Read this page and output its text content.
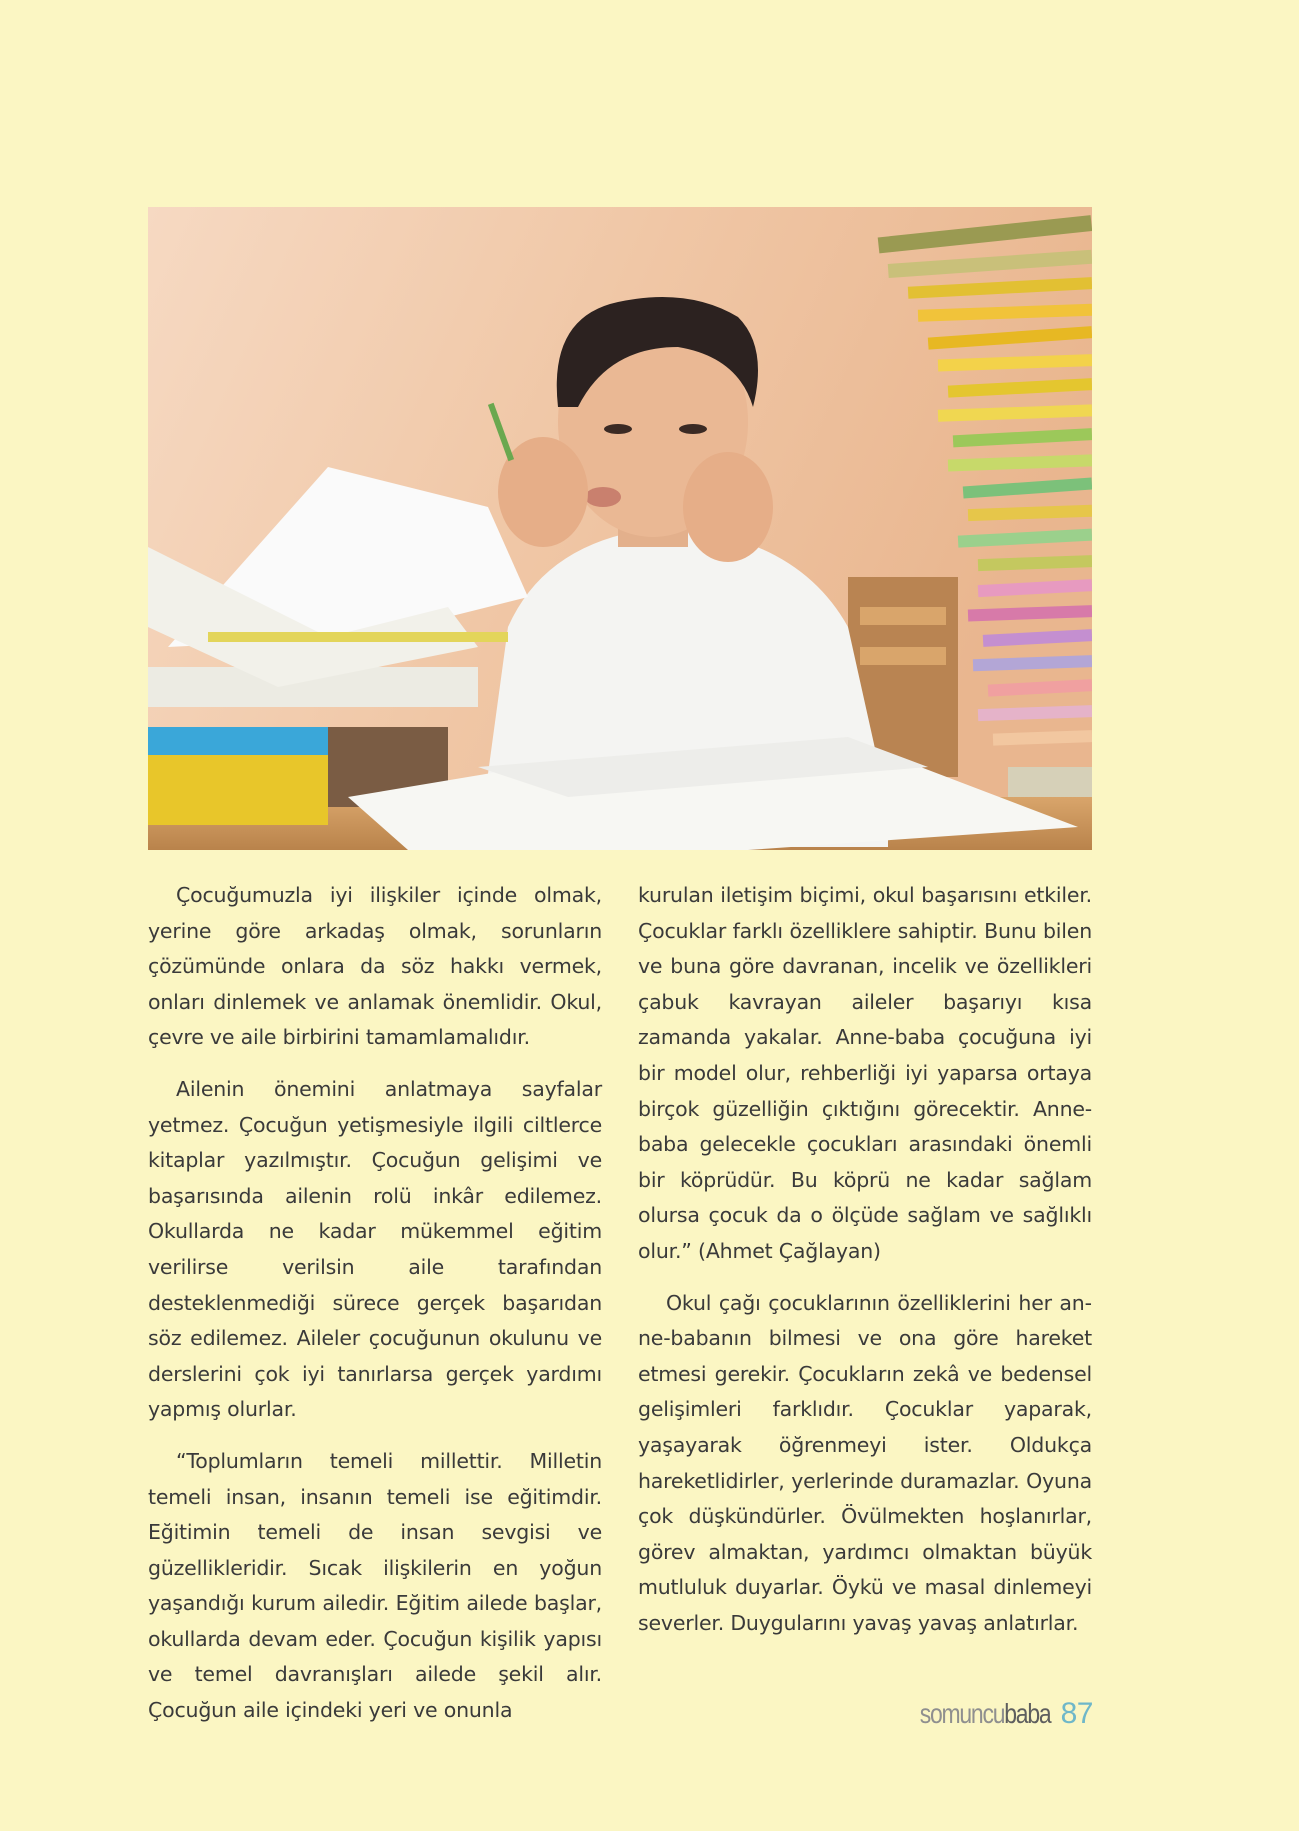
Çocuğumuzla iyi ilişkiler içinde olmak, yerine göre arkadaş olmak, sorunların çözümünde onlara da söz hakkı vermek, onları dinlemek ve anlamak önemlidir. Okul, çevre ve aile birbirini tamamlamalıdır.

Ailenin önemini anlatmaya sayfalar yetmez. Çocuğun yetişmesiyle ilgili ciltlerce kitaplar yazılmıştır. Çocuğun gelişimi ve başarısında ailenin rolü inkâr edilemez. Okullarda ne kadar mükemmel eğitim verilirse verilsin aile tarafından desteklenmediği sürece gerçek başarıdan söz edilemez. Aileler çocuğunun okulunu ve derslerini çok iyi tanırlarsa gerçek yardımı yapmış olurlar.

“Toplumların temeli millettir. Milletin temeli insan, insanın temeli ise eğitimdir. Eğitimin temeli de insan sevgisi ve güzellikleridir. Sıcak ilişkilerin en yoğun yaşandığı kurum ailedir. Eğitim ailede başlar, okullarda devam eder. Çocuğun kişilik yapısı ve temel davranışları ailede şekil alır. Çocuğun aile içindeki yeri ve onunla

kurulan iletişim biçimi, okul başarısını etkiler. Çocuklar farklı özelliklere sahiptir. Bunu bilen ve buna göre davranan, incelik ve özellikleri çabuk kavrayan aileler başarıyı kısa zamanda yakalar. Anne-baba çocuğuna iyi bir model olur, rehberliği iyi yaparsa ortaya birçok güzelliğin çıktığını görecektir. Anne-baba gelecekle çocukları arasındaki önemli bir köprüdür. Bu köprü ne kadar sağlam olursa çocuk da o ölçüde sağlam ve sağlıklı olur.” (Ahmet Çağlayan)

Okul çağı çocuklarının özelliklerini her anne-babanın bilmesi ve ona göre hareket etmesi gerekir. Çocukların zekâ ve bedensel gelişimleri farklıdır. Çocuklar yaparak, yaşayarak öğrenmeyi ister. Oldukça hareketlidirler, yerlerinde duramazlar. Oyuna çok düşkündürler. Övülmekten hoşlanırlar, görev almaktan, yardımcı olmaktan büyük mutluluk duyarlar. Öykü ve masal dinlemeyi severler. Duygularını yavaş yavaş anlatırlar.

somuncubaba 87
